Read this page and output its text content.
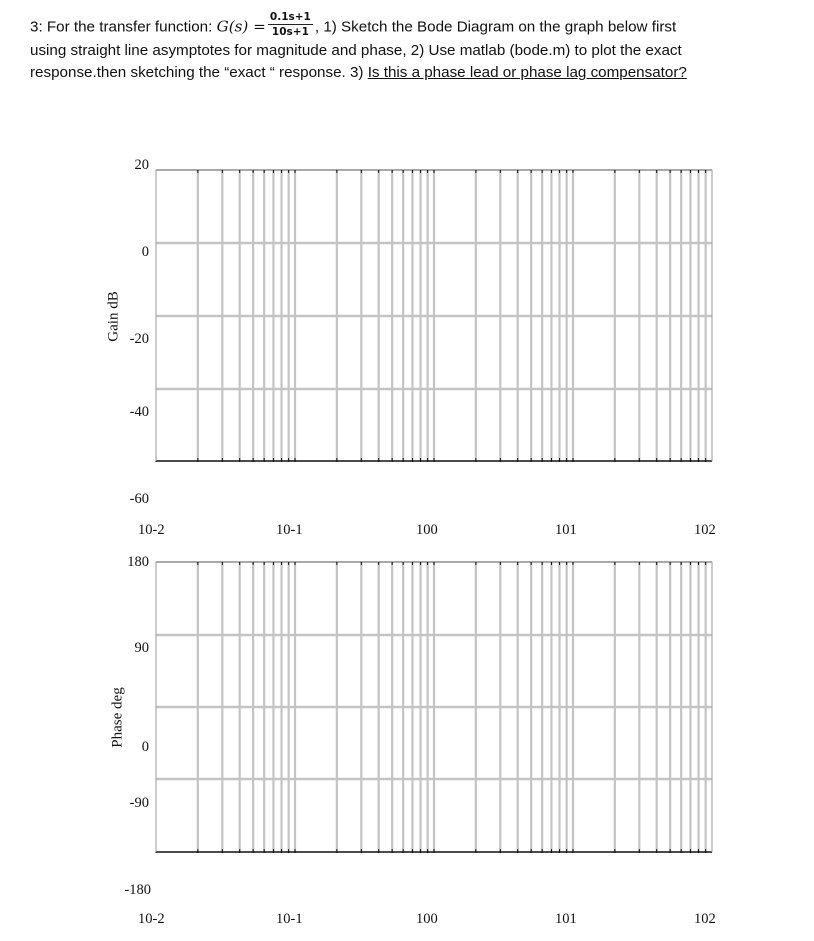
3: For the transfer function: $G(s) = \frac{0.1s+1}{10s+1}$ , 1) Sketch the Bode Diagram on the graph below first
using straight line asymptotes for magnitude and phase, 2) Use matlab (bode.m) to plot the exact
response.then sketching the “exact “ response. 3) Is this a phase lead or phase lag compensator?
Gain dB
20
0
-20
-40
-60
10-2	10-1	100	101	102
Phase deg
180
90
0
-90
-180
10-2	10-1	100	101	102
